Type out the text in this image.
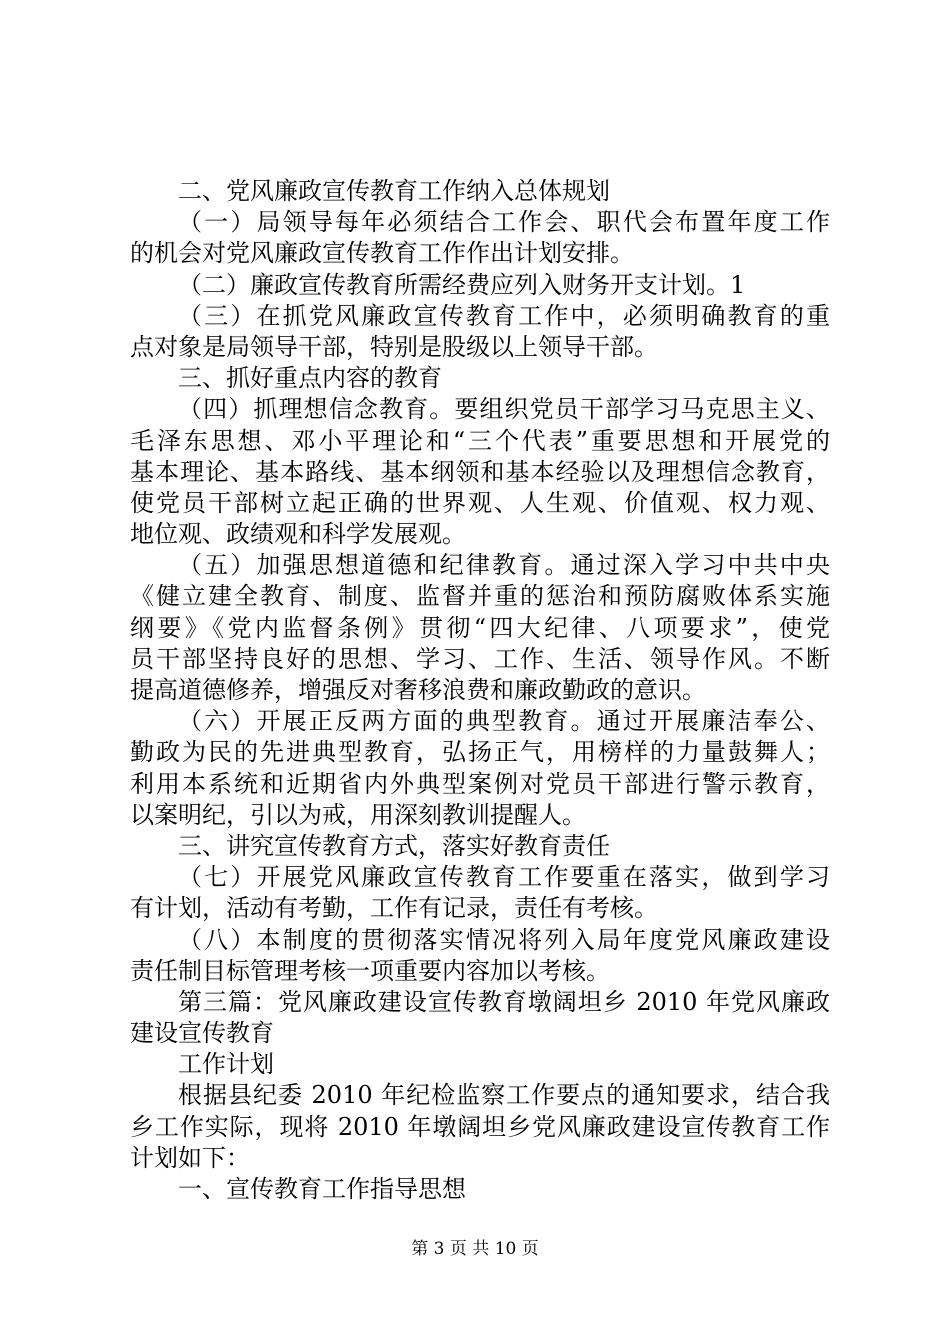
二、党风廉政宣传教育工作纳入总体规划
（一）局领导每年必须结合工作会、职代会布置年度工作
的机会对党风廉政宣传教育工作作出计划安排。
（二）廉政宣传教育所需经费应列入财务开支计划。1
（三）在抓党风廉政宣传教育工作中，必须明确教育的重
点对象是局领导干部，特别是股级以上领导干部。
三、抓好重点内容的教育
（四）抓理想信念教育。要组织党员干部学习马克思主义、
毛泽东思想、邓小平理论和“三个代表”重要思想和开展党的
基本理论、基本路线、基本纲领和基本经验以及理想信念教育，
使党员干部树立起正确的世界观、人生观、价值观、权力观、
地位观、政绩观和科学发展观。
（五）加强思想道德和纪律教育。通过深入学习中共中央
《健立建全教育、制度、监督并重的惩治和预防腐败体系实施
纲要》《党内监督条例》贯彻“四大纪律、八项要求”，使党
员干部坚持良好的思想、学习、工作、生活、领导作风。不断
提高道德修养，增强反对奢移浪费和廉政勤政的意识。
（六）开展正反两方面的典型教育。通过开展廉洁奉公、
勤政为民的先进典型教育，弘扬正气，用榜样的力量鼓舞人；
利用本系统和近期省内外典型案例对党员干部进行警示教育，
以案明纪，引以为戒，用深刻教训提醒人。
三、讲究宣传教育方式，落实好教育责任
（七）开展党风廉政宣传教育工作要重在落实，做到学习
有计划，活动有考勤，工作有记录，责任有考核。
（八）本制度的贯彻落实情况将列入局年度党风廉政建设
责任制目标管理考核一项重要内容加以考核。
第三篇：党风廉政建设宣传教育墩阔坦乡 2010 年党风廉政
建设宣传教育
工作计划
根据县纪委 2010 年纪检监察工作要点的通知要求，结合我
乡工作实际，现将 2010 年墩阔坦乡党风廉政建设宣传教育工作
计划如下：
一、宣传教育工作指导思想
第 3 页 共 10 页
